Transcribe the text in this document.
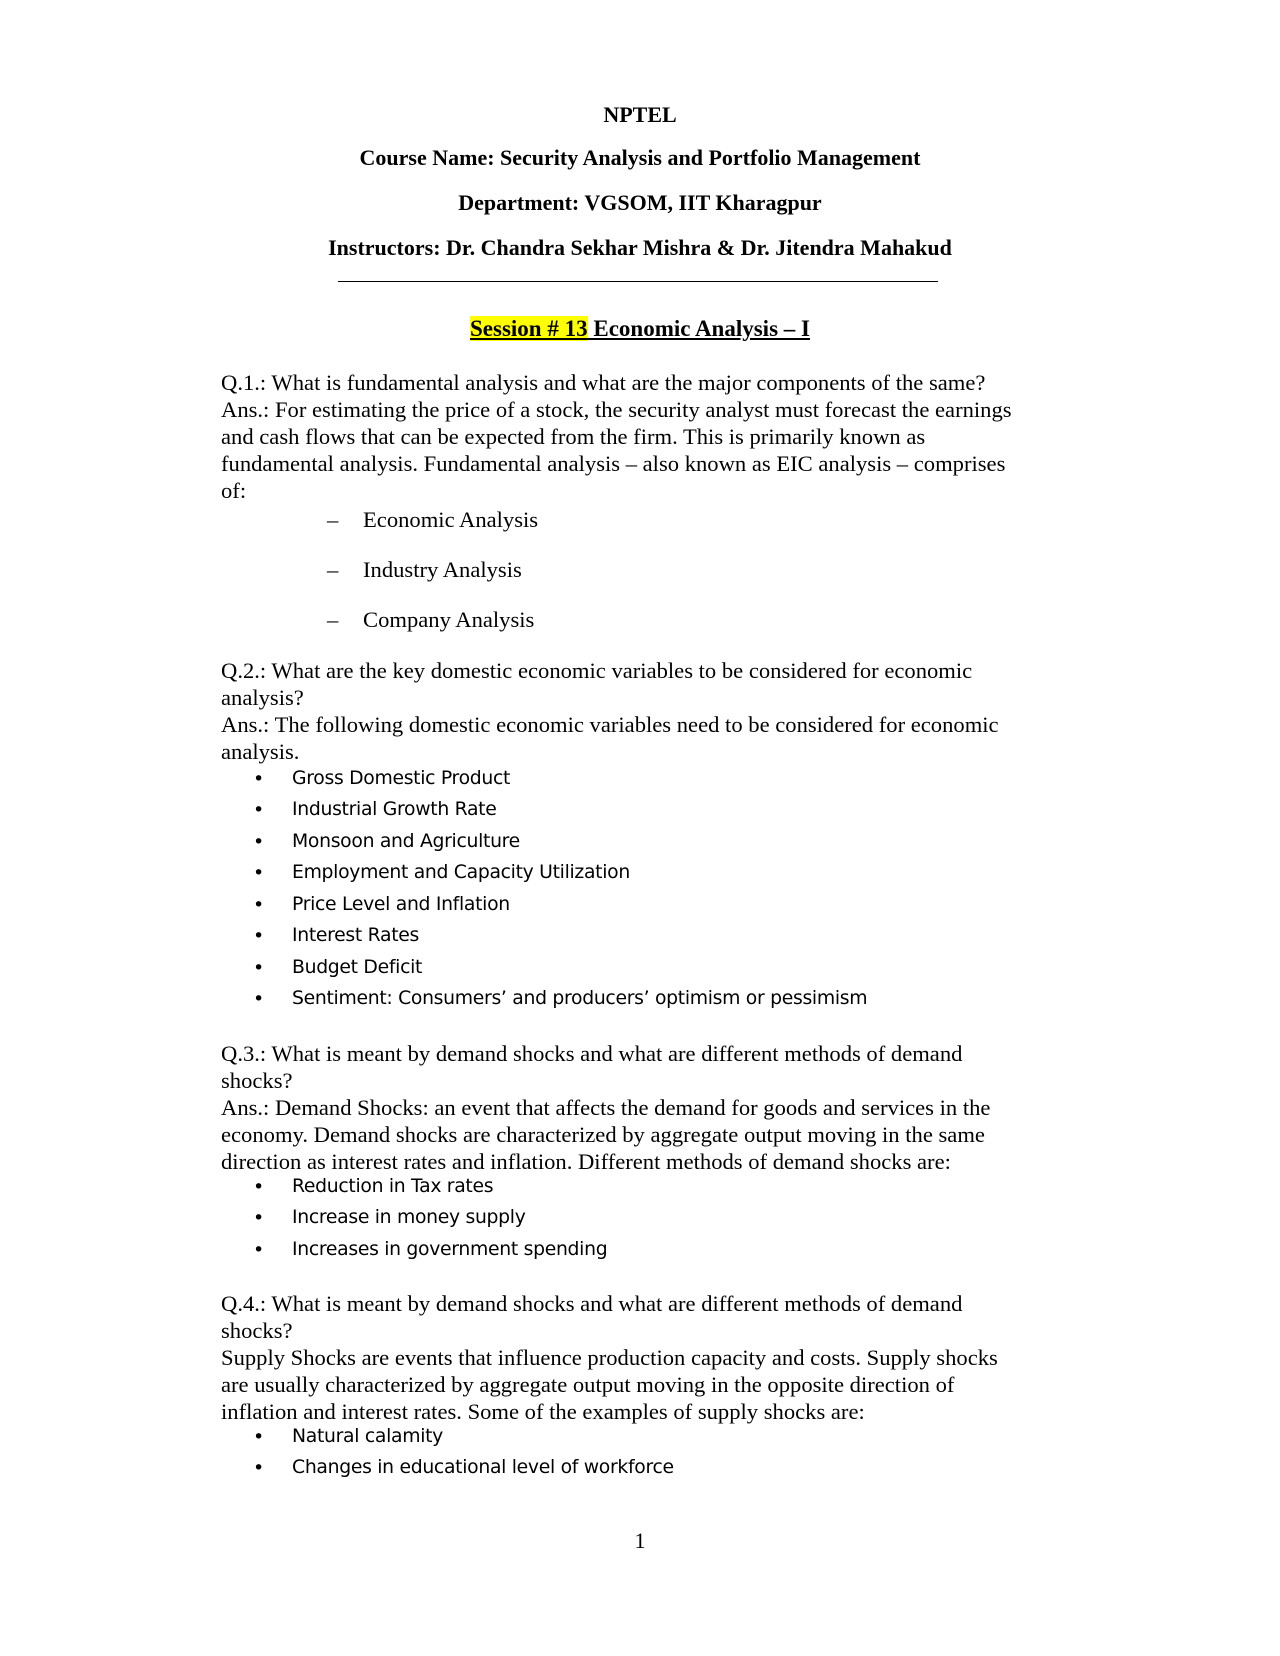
NPTEL
Course Name: Security Analysis and Portfolio Management
Department: VGSOM, IIT Kharagpur
Instructors: Dr. Chandra Sekhar Mishra & Dr. Jitendra Mahakud
Session # 13 Economic Analysis – I
Q.1.: What is fundamental analysis and what are the major components of the same?
Ans.: For estimating the price of a stock, the security analyst must forecast the earnings
and cash flows that can be expected from the firm. This is primarily known as
fundamental analysis. Fundamental analysis – also known as EIC analysis – comprises
of:
– Economic Analysis
– Industry Analysis
– Company Analysis
Q.2.: What are the key domestic economic variables to be considered for economic
analysis?
Ans.: The following domestic economic variables need to be considered for economic
analysis.
• Gross Domestic Product
• Industrial Growth Rate
• Monsoon and Agriculture
• Employment and Capacity Utilization
• Price Level and Inflation
• Interest Rates
• Budget Deficit
• Sentiment: Consumers’ and producers’ optimism or pessimism
Q.3.: What is meant by demand shocks and what are different methods of demand
shocks?
Ans.: Demand Shocks: an event that affects the demand for goods and services in the
economy. Demand shocks are characterized by aggregate output moving in the same
direction as interest rates and inflation. Different methods of demand shocks are:
• Reduction in Tax rates
• Increase in money supply
• Increases in government spending
Q.4.: What is meant by demand shocks and what are different methods of demand
shocks?
Supply Shocks are events that influence production capacity and costs. Supply shocks
are usually characterized by aggregate output moving in the opposite direction of
inflation and interest rates. Some of the examples of supply shocks are:
• Natural calamity
• Changes in educational level of workforce
1
